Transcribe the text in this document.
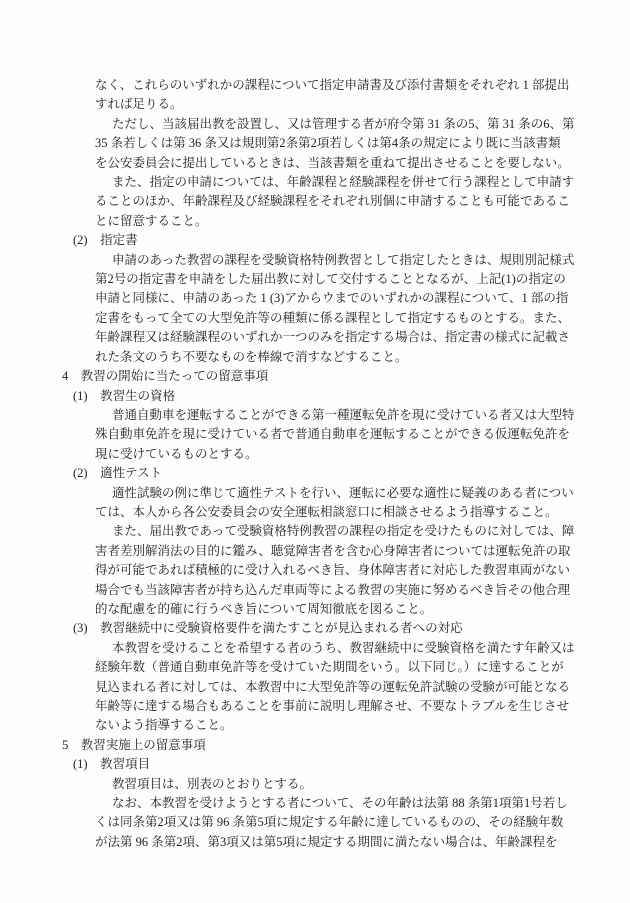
なく、これらのいずれかの課程について指定申請書及び添付書類をそれぞれ 1 部提出
すれば足りる。
ただし、当該届出教を設置し、又は管理する者が府令第 31 条の5、第 31 条の6、第
35 条若しくは第 36 条又は規則第2条第2項若しくは第4条の規定により既に当該書類
を公安委員会に提出しているときは、当該書類を重ねて提出させることを要しない。
また、指定の申請については、年齢課程と経験課程を併せて行う課程として申請す
ることのほか、年齢課程及び経験課程をそれぞれ別個に申請することも可能であるこ
とに留意すること。
(2)　指定書
申請のあった教習の課程を受験資格特例教習として指定したときは、規則別記様式
第2号の指定書を申請をした届出教に対して交付することとなるが、上記(1)の指定の
申請と同様に、申請のあった 1 (3)アからウまでのいずれかの課程について、1 部の指
定書をもって全ての大型免許等の種類に係る課程として指定するものとする。また、
年齢課程又は経験課程のいずれか一つのみを指定する場合は、指定書の様式に記載さ
れた条文のうち不要なものを棒線で消すなどすること。
4　教習の開始に当たっての留意事項
(1)　教習生の資格
普通自動車を運転することができる第一種運転免許を現に受けている者又は大型特
殊自動車免許を現に受けている者で普通自動車を運転することができる仮運転免許を
現に受けているものとする。
(2)　適性テスト
適性試験の例に準じて適性テストを行い、運転に必要な適性に疑義のある者につい
ては、本人から各公安委員会の安全運転相談窓口に相談させるよう指導すること。
また、届出教であって受験資格特例教習の課程の指定を受けたものに対しては、障
害者差別解消法の目的に鑑み、聴覚障害者を含む心身障害者については運転免許の取
得が可能であれば積極的に受け入れるべき旨、身体障害者に対応した教習車両がない
場合でも当該障害者が持ち込んだ車両等による教習の実施に努めるべき旨その他合理
的な配慮を的確に行うべき旨について周知徹底を図ること。
(3)　教習継続中に受験資格要件を満たすことが見込まれる者への対応
本教習を受けることを希望する者のうち、教習継続中に受験資格を満たす年齢又は
経験年数（普通自動車免許等を受けていた期間をいう。以下同じ。）に達することが
見込まれる者に対しては、本教習中に大型免許等の運転免許試験の受験が可能となる
年齢等に達する場合もあることを事前に説明し理解させ、不要なトラブルを生じさせ
ないよう指導すること。
5　教習実施上の留意事項
(1)　教習項目
教習項目は、別表のとおりとする。
なお、本教習を受けようとする者について、その年齢は法第 88 条第1項第1号若し
くは同条第2項又は第 96 条第5項に規定する年齢に達しているものの、その経験年数
が法第 96 条第2項、第3項又は第5項に規定する期間に満たない場合は、年齢課程を
